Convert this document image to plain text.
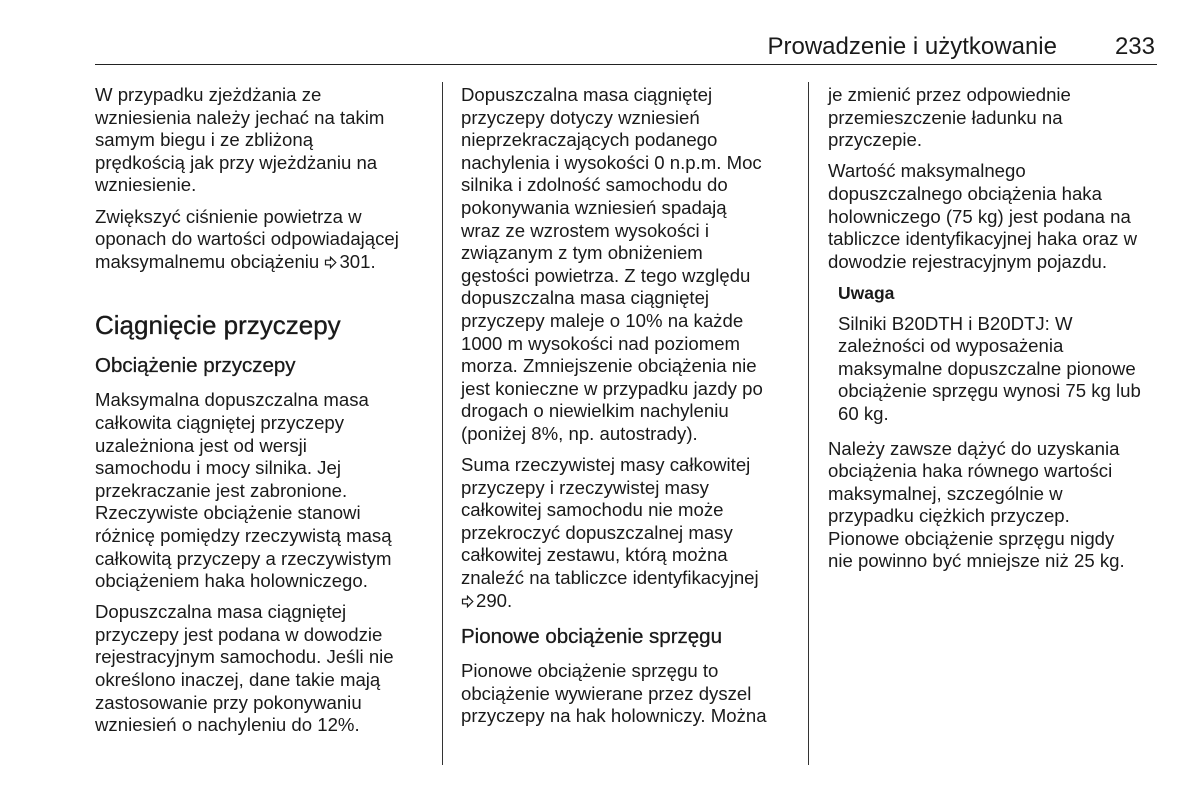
Prowadzenie i użytkowanie 233

W przypadku zjeżdżania ze
wzniesienia należy jechać na takim
samym biegu i ze zbliżoną
prędkością jak przy wjeżdżaniu na
wzniesienie.

Zwiększyć ciśnienie powietrza w
oponach do wartości odpowiadającej
maksymalnemu obciążeniu 301.

Ciągnięcie przyczepy
Obciążenie przyczepy

Maksymalna dopuszczalna masa
całkowita ciągniętej przyczepy
uzależniona jest od wersji
samochodu i mocy silnika. Jej
przekraczanie jest zabronione.
Rzeczywiste obciążenie stanowi
różnicę pomiędzy rzeczywistą masą
całkowitą przyczepy a rzeczywistym
obciążeniem haka holowniczego.

Dopuszczalna masa ciągniętej
przyczepy jest podana w dowodzie
rejestracyjnym samochodu. Jeśli nie
określono inaczej, dane takie mają
zastosowanie przy pokonywaniu
wzniesień o nachyleniu do 12%.

Dopuszczalna masa ciągniętej
przyczepy dotyczy wzniesień
nieprzekraczających podanego
nachylenia i wysokości 0 n.p.m. Moc
silnika i zdolność samochodu do
pokonywania wzniesień spadają
wraz ze wzrostem wysokości i
związanym z tym obniżeniem
gęstości powietrza. Z tego względu
dopuszczalna masa ciągniętej
przyczepy maleje o 10% na każde
1000 m wysokości nad poziomem
morza. Zmniejszenie obciążenia nie
jest konieczne w przypadku jazdy po
drogach o niewielkim nachyleniu
(poniżej 8%, np. autostrady).

Suma rzeczywistej masy całkowitej
przyczepy i rzeczywistej masy
całkowitej samochodu nie może
przekroczyć dopuszczalnej masy
całkowitej zestawu, którą można
znaleźć na tabliczce identyfikacyjnej
290.

Pionowe obciążenie sprzęgu

Pionowe obciążenie sprzęgu to
obciążenie wywierane przez dyszel
przyczepy na hak holowniczy. Można

je zmienić przez odpowiednie
przemieszczenie ładunku na
przyczepie.

Wartość maksymalnego
dopuszczalnego obciążenia haka
holowniczego (75 kg) jest podana na
tabliczce identyfikacyjnej haka oraz w
dowodzie rejestracyjnym pojazdu.

Uwaga

Silniki B20DTH i B20DTJ: W
zależności od wyposażenia
maksymalne dopuszczalne pionowe
obciążenie sprzęgu wynosi 75 kg lub
60 kg.

Należy zawsze dążyć do uzyskania
obciążenia haka równego wartości
maksymalnej, szczególnie w
przypadku ciężkich przyczep.
Pionowe obciążenie sprzęgu nigdy
nie powinno być mniejsze niż 25 kg.
